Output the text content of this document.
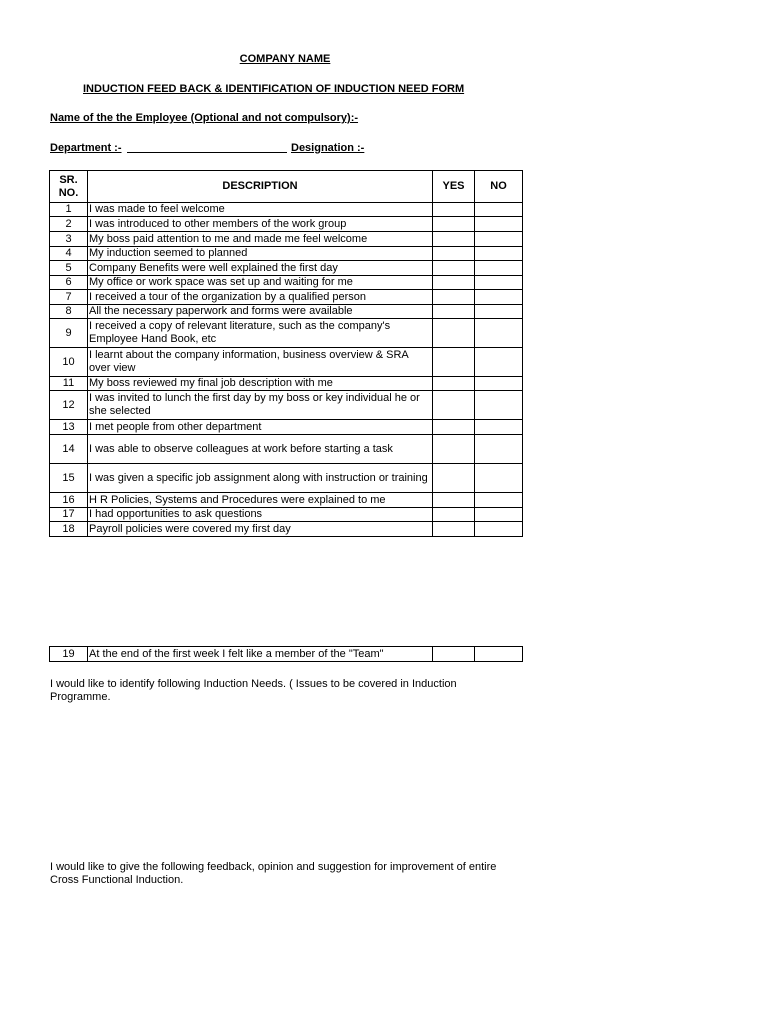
COMPANY NAME
INDUCTION FEED BACK & IDENTIFICATION OF INDUCTION NEED FORM
Name of the the Employee (Optional and not compulsory):-
Department :-	Designation :-
SR. NO.	DESCRIPTION	YES	NO
1	I was made to feel welcome		
2	I was introduced to other members of the work group		
3	My boss paid attention to me and made me feel welcome		
4	My induction seemed to planned		
5	Company Benefits were well explained the first day		
6	My office or work space was set up and waiting for me		
7	I received a tour of the organization by a qualified person		
8	All the necessary paperwork and forms were available		
9	I received a copy of relevant literature, such as the company's Employee Hand Book, etc		
10	I learnt about the company information, business overview & SRA over view		
11	My boss reviewed my final job description with me		
12	I was invited to lunch the first day by my boss or key individual he or she selected		
13	I met people from other department		
14	I was able to observe colleagues at work before starting a task		
15	I was given a specific job assignment along with instruction or training		
16	H R Policies, Systems and Procedures were explained to me		
17	I had opportunities to ask questions		
18	Payroll policies were covered my first day		
19	At the end of the first week I felt like a member of the "Team"		
I would like to identify following Induction Needs. ( Issues to be covered in Induction Programme.
I would like to give the following feedback, opinion and suggestion for improvement of entire Cross Functional Induction.
